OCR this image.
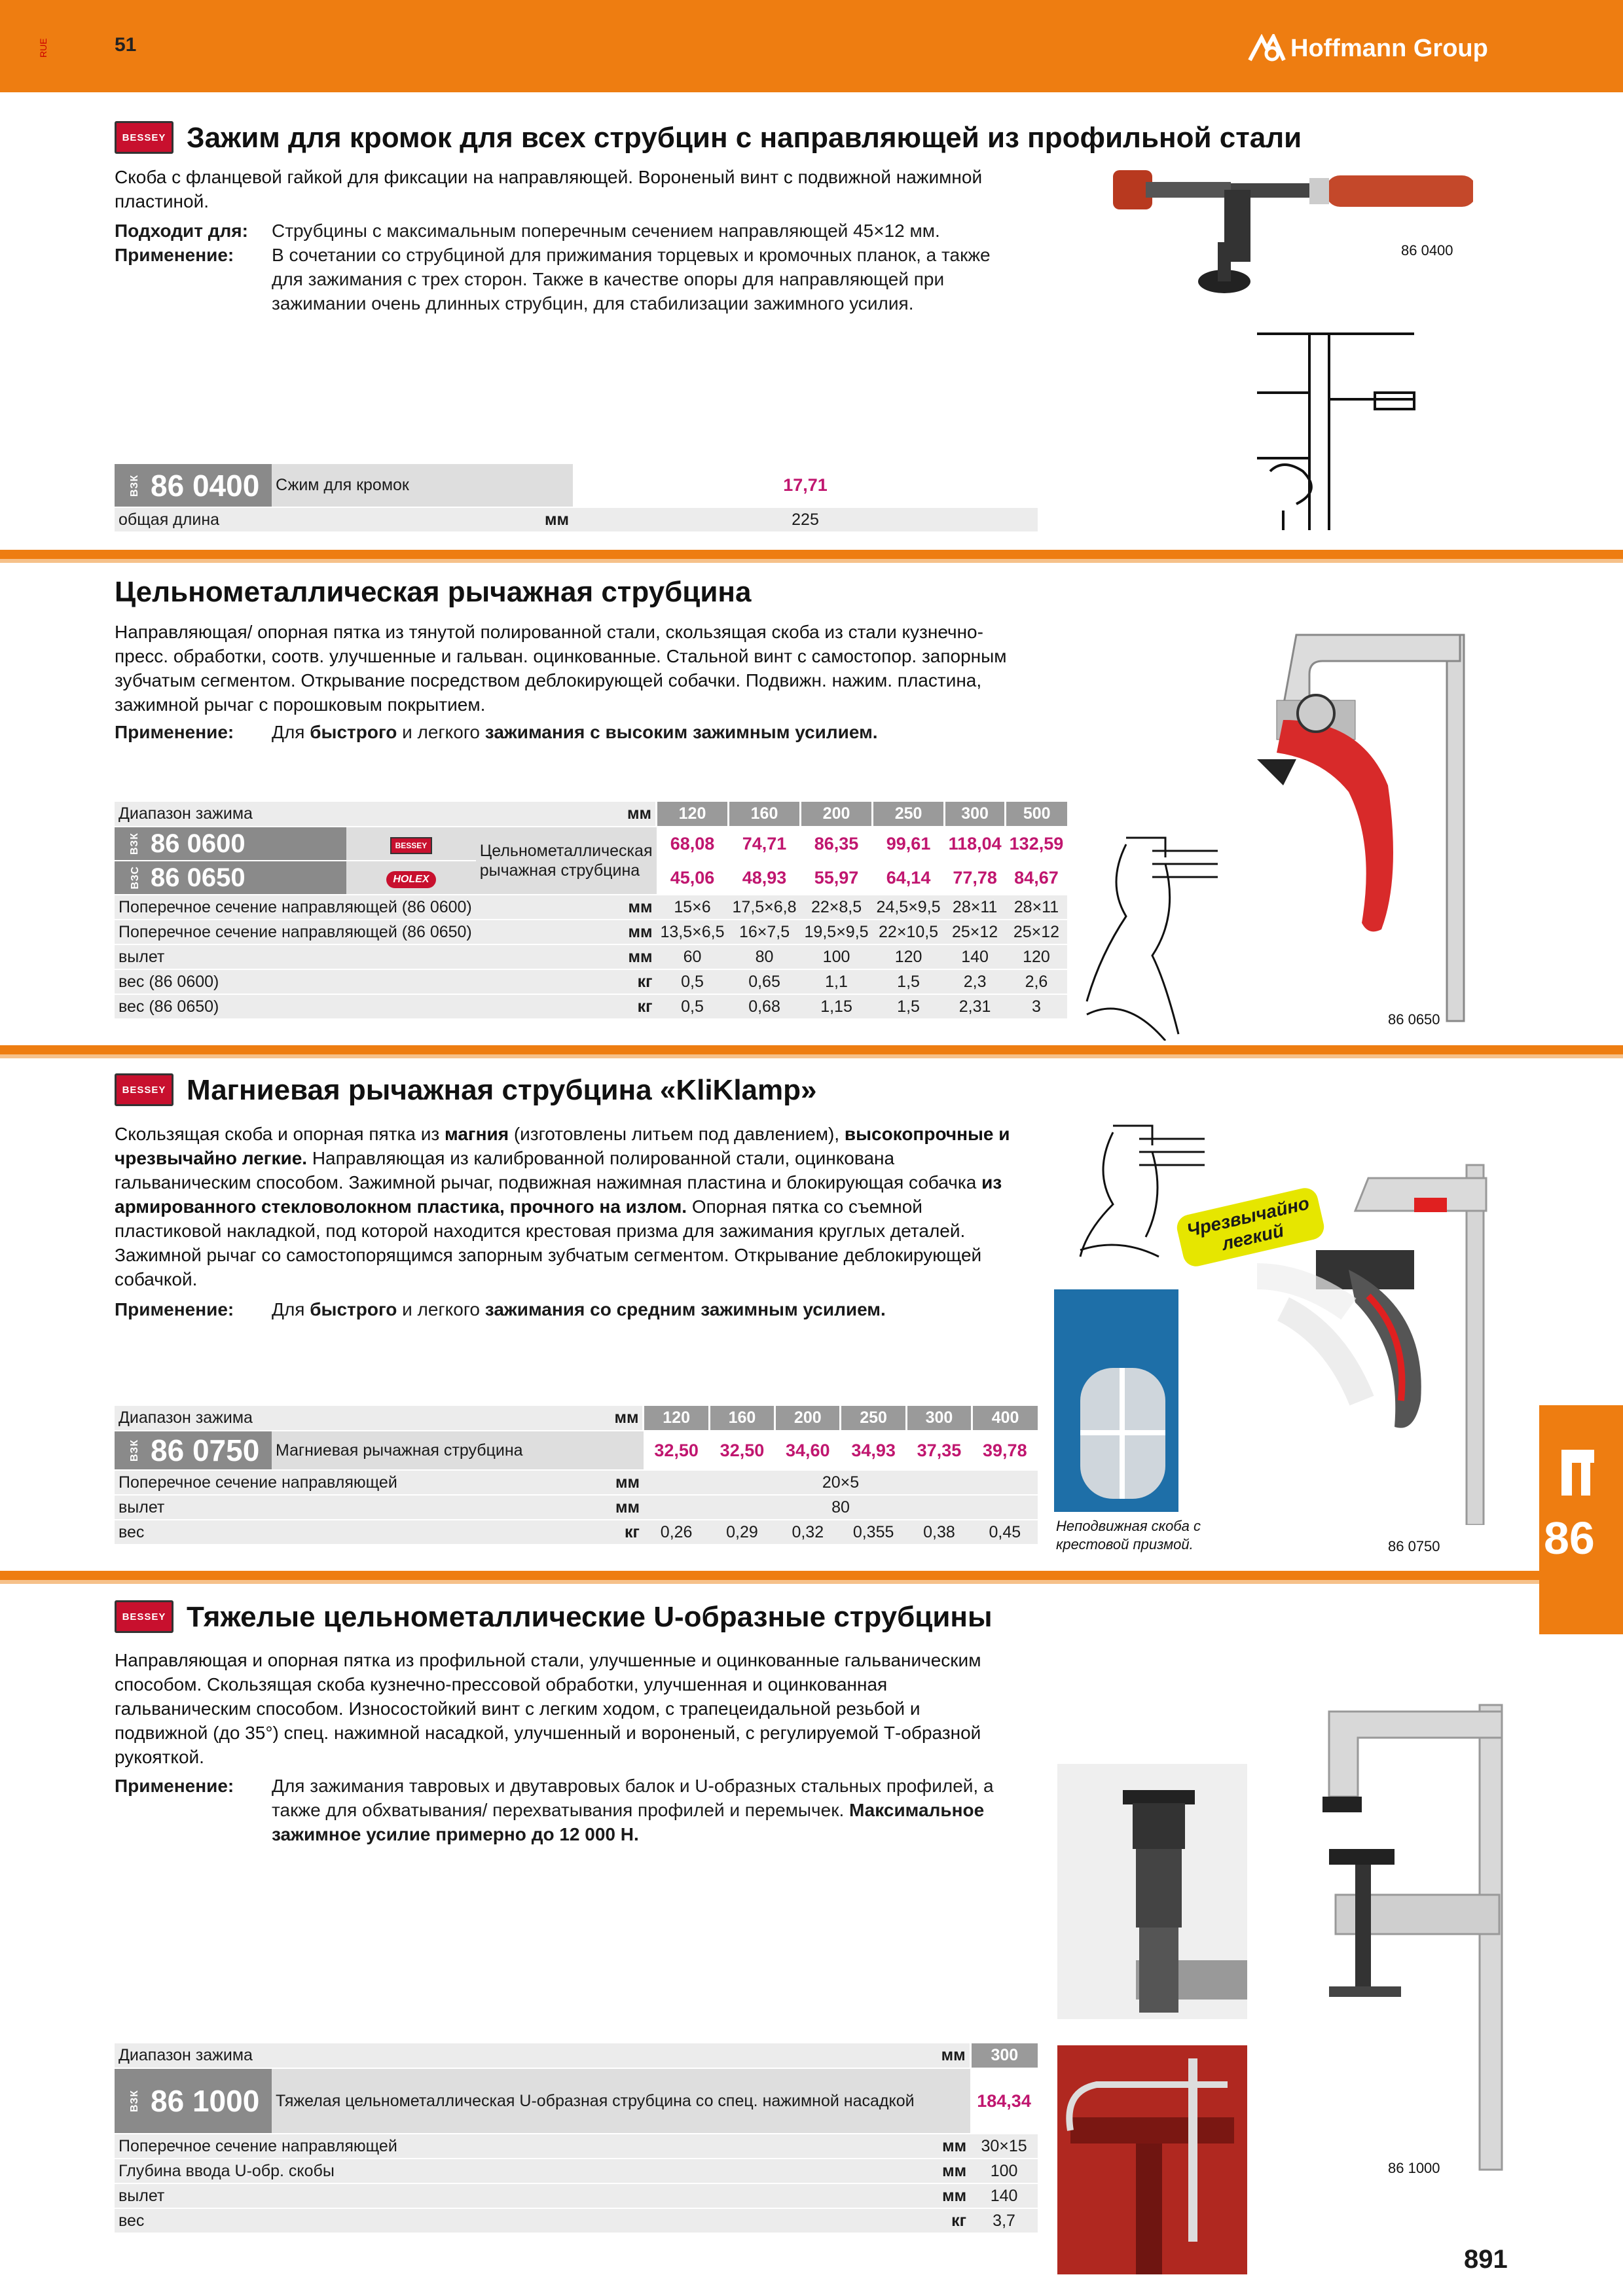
RUE	51	Hoffmann Group
BESSEY Зажим для кромок для всех струбцин с направляющей из профильной стали
Скоба с фланцевой гайкой для фиксации на направляющей. Вороненый винт с подвижной нажимной пластиной.
Подходит для:	Струбцины с максимальным поперечным сечением направляющей 45×12 мм.
Применение:	В сочетании со струбциной для прижимания торцевых и кромочных планок, а также для зажимания с трех сторон. Также в качестве опоры для направляющей при зажимании очень длинных струбцин, для стабилизации зажимного усилия.
86 0400
ВЗК 86 0400	Сжим для кромок	17,71
общая длина мм		225
Цельнометаллическая рычажная струбцина
Направляющая/ опорная пятка из тянутой полированной стали, скользящая скоба из стали кузнечно-пресс. обработки, соотв. улучшенные и гальван. оцинкованные. Стальной винт с самостопор. запорным зубчатым сегментом. Открывание посредством деблокирующей собачки. Подвижн. нажим. пластина, зажимной рычаг с порошковым покрытием.
Применение:	Для быстрого и легкого зажимания с высоким зажимным усилием.
Диапазон зажима		мм	120	160	200	250	300	500

ВЗК 86 0600	BESSEY	Цельнометаллическая рычажная струбцина	68,08	74,71	86,35	99,61	118,04	132,59

ВЗС 86 0650	HOLEX		45,06	48,93	55,97	64,14	77,78	84,67
Поперечное сечение направляющей (86 0600)		мм	15×6	17,5×6,8	22×8,5	24,5×9,5	28×11	28×11
Поперечное сечение направляющей (86 0650)		мм	13,5×6,5	16×7,5	19,5×9,5	22×10,5	25×12	25×12
вылет		мм	60	80	100	120	140	120
вес (86 0600)		кг	0,5	0,65	1,1	1,5	2,3	2,6
вес (86 0650)		кг	0,5	0,68	1,15	1,5	2,31	3
86 0650
BESSEY Магниевая рычажная струбцина «KliKlamp»
Скользящая скоба и опорная пятка из магния (изготовлены литьем под давлением), высокопрочные и чрезвычайно легкие. Направляющая из калиброванной полированной стали, оцинкована гальваническим способом. Зажимной рычаг, подвижная нажимная пластина и блокирующая собачка из армированного стекловолокном пластика, прочного на излом. Опорная пятка со съемной пластиковой накладкой, под которой находится крестовая призма для зажимания круглых деталей. Зажимной рычаг со самостопорящимся запорным зубчатым сегментом. Открывание деблокирующей собачкой.
Применение:	Для быстрого и легкого зажимания со средним зажимным усилием.
Диапазон зажима		мм	120	160	200	250	300	400

ВЗК 86 0750	Магниевая рычажная струбцина		32,50	32,50	34,60	34,93	37,35	39,78
Поперечное сечение направляющей		мм	20×5					
вылет		мм	80					
вес		кг	0,26	0,29	0,32	0,355	0,38	0,45 Неподвижная скоба с крестовой призмой.
Чрезвычайно легкий
86 0750
BESSEY Тяжелые цельнометаллические U-образные струбцины
Направляющая и опорная пятка из профильной стали, улучшенные и оцинкованные гальваническим способом. Скользящая скоба кузнечно-прессовой обработки, улучшенная и оцинкованная гальваническим способом. Износостойкий винт с легким ходом, с трапецеидальной резьбой и подвижной (до 35°) спец. нажимной насадкой, улучшенный и вороненый, с регулируемой Т-образной рукояткой.
Применение:	Для зажимания тавровых и двутавровых балок и U-образных стальных профилей, а также для обхватывания/ перехватывания профилей и перемычек. Максимальное зажимное усилие примерно до 12 000 Н.
Диапазон зажима		мм	300

ВЗК 86 1000	Тяжелая цельнометаллическая U-образная струбцина со спец. нажимной насадкой		184,34
Поперечное сечение направляющей		мм	30×15
Глубина ввода U-обр. скобы		мм	100
вылет		мм	140
вес		кг	3,7
86 1000
86
891
